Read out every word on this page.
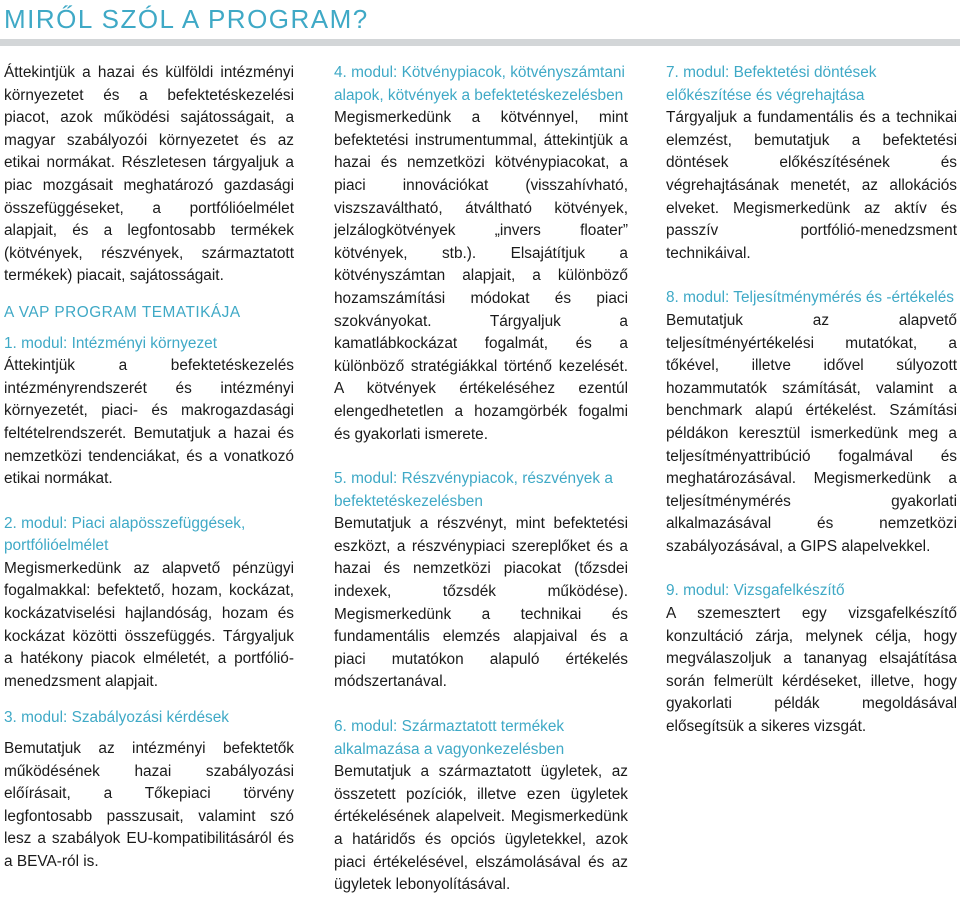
MIRŐL SZÓL A PROGRAM?

Áttekintjük a hazai és külföldi intézményi környezetet és a befektetéskezelési piacot, azok működési sajátosságait, a magyar szabályozói környezetet és az etikai normákat. Részletesen tárgyaljuk a piac mozgásait meghatározó gazdasági összefüggéseket, a portfólióelmélet alapjait, és a legfontosabb termékek (kötvények, részvények, származtatott termékek) piacait, sajátosságait.

A VAP PROGRAM TEMATIKÁJA
1. modul: Intézményi környezet

Áttekintjük a befektetéskezelés intézményrendszerét és intézményi környezetét, piaci- és makrogazdasági feltételrendszerét. Bemutatjuk a hazai és nemzetközi tendenciákat, és a vonatkozó etikai normákat.

2. modul: Piaci alapösszefüggések, portfólióelmélet

Megismerkedünk az alapvető pénzügyi fogalmakkal: befektető, hozam, kockázat, kockázatviselési hajlandóság, hozam és kockázat közötti összefüggés. Tárgyaljuk a hatékony piacok elméletét, a portfólió-menedzsment alapjait.

3. modul: Szabályozási kérdések

Bemutatjuk az intézményi befektetők működésének hazai szabályozási előírásait, a Tőkepiaci törvény legfontosabb passzusait, valamint szó lesz a szabályok EU-kompatibilitásáról és a BEVA-ról is.

4. modul: Kötvénypiacok, kötvényszámtani alapok, kötvények a befektetéskezelésben

Megismerkedünk a kötvénnyel, mint befektetési instrumentummal, áttekintjük a hazai és nemzetközi kötvénypiacokat, a piaci innovációkat (visszahívható, viszszaváltható, átváltható kötvények, jelzálogkötvények „invers floater” kötvények, stb.). Elsajátítjuk a kötvényszámtan alapjait, a különböző hozamszámítási módokat és piaci szokványokat. Tárgyaljuk a kamatlábkockázat fogalmát, és a különböző stratégiákkal történő kezelését. A kötvények értékeléséhez ezentúl elengedhetetlen a hozamgörbék fogalmi és gyakorlati ismerete.

5. modul: Részvénypiacok, részvények a befektetéskezelésben

Bemutatjuk a részvényt, mint befektetési eszközt, a részvénypiaci szereplőket és a hazai és nemzetközi piacokat (tőzsdei indexek, tőzsdék működése). Megismerkedünk a technikai és fundamentális elemzés alapjaival és a piaci mutatókon alapuló értékelés módszertanával.

6. modul: Származtatott termékek alkalmazása a vagyonkezelésben

Bemutatjuk a származtatott ügyletek, az összetett pozíciók, illetve ezen ügyletek értékelésének alapelveit. Megismerkedünk a határidős és opciós ügyletekkel, azok piaci értékelésével, elszámolásával és az ügyletek lebonyolításával.

7. modul: Befektetési döntések előkészítése és végrehajtása

Tárgyaljuk a fundamentális és a technikai elemzést, bemutatjuk a befektetési döntések előkészítésének és végrehajtásának menetét, az allokációs elveket. Megismerkedünk az aktív és passzív portfólió-menedzsment technikáival.

8. modul: Teljesítménymérés és -értékelés

Bemutatjuk az alapvető teljesítményértékelési mutatókat, a tőkével, illetve idővel súlyozott hozammutatók számítását, valamint a benchmark alapú értékelést. Számítási példákon keresztül ismerkedünk meg a teljesítményattribúció fogalmával és meghatározásával. Megismerkedünk a teljesítménymérés gyakorlati alkalmazásával és nemzetközi szabályozásával, a GIPS alapelvekkel.

9. modul: Vizsgafelkészítő

A szemesztert egy vizsgafelkészítő konzultáció zárja, melynek célja, hogy megválaszoljuk a tananyag elsajátítása során felmerült kérdéseket, illetve, hogy gyakorlati példák megoldásával elősegítsük a sikeres vizsgát.
